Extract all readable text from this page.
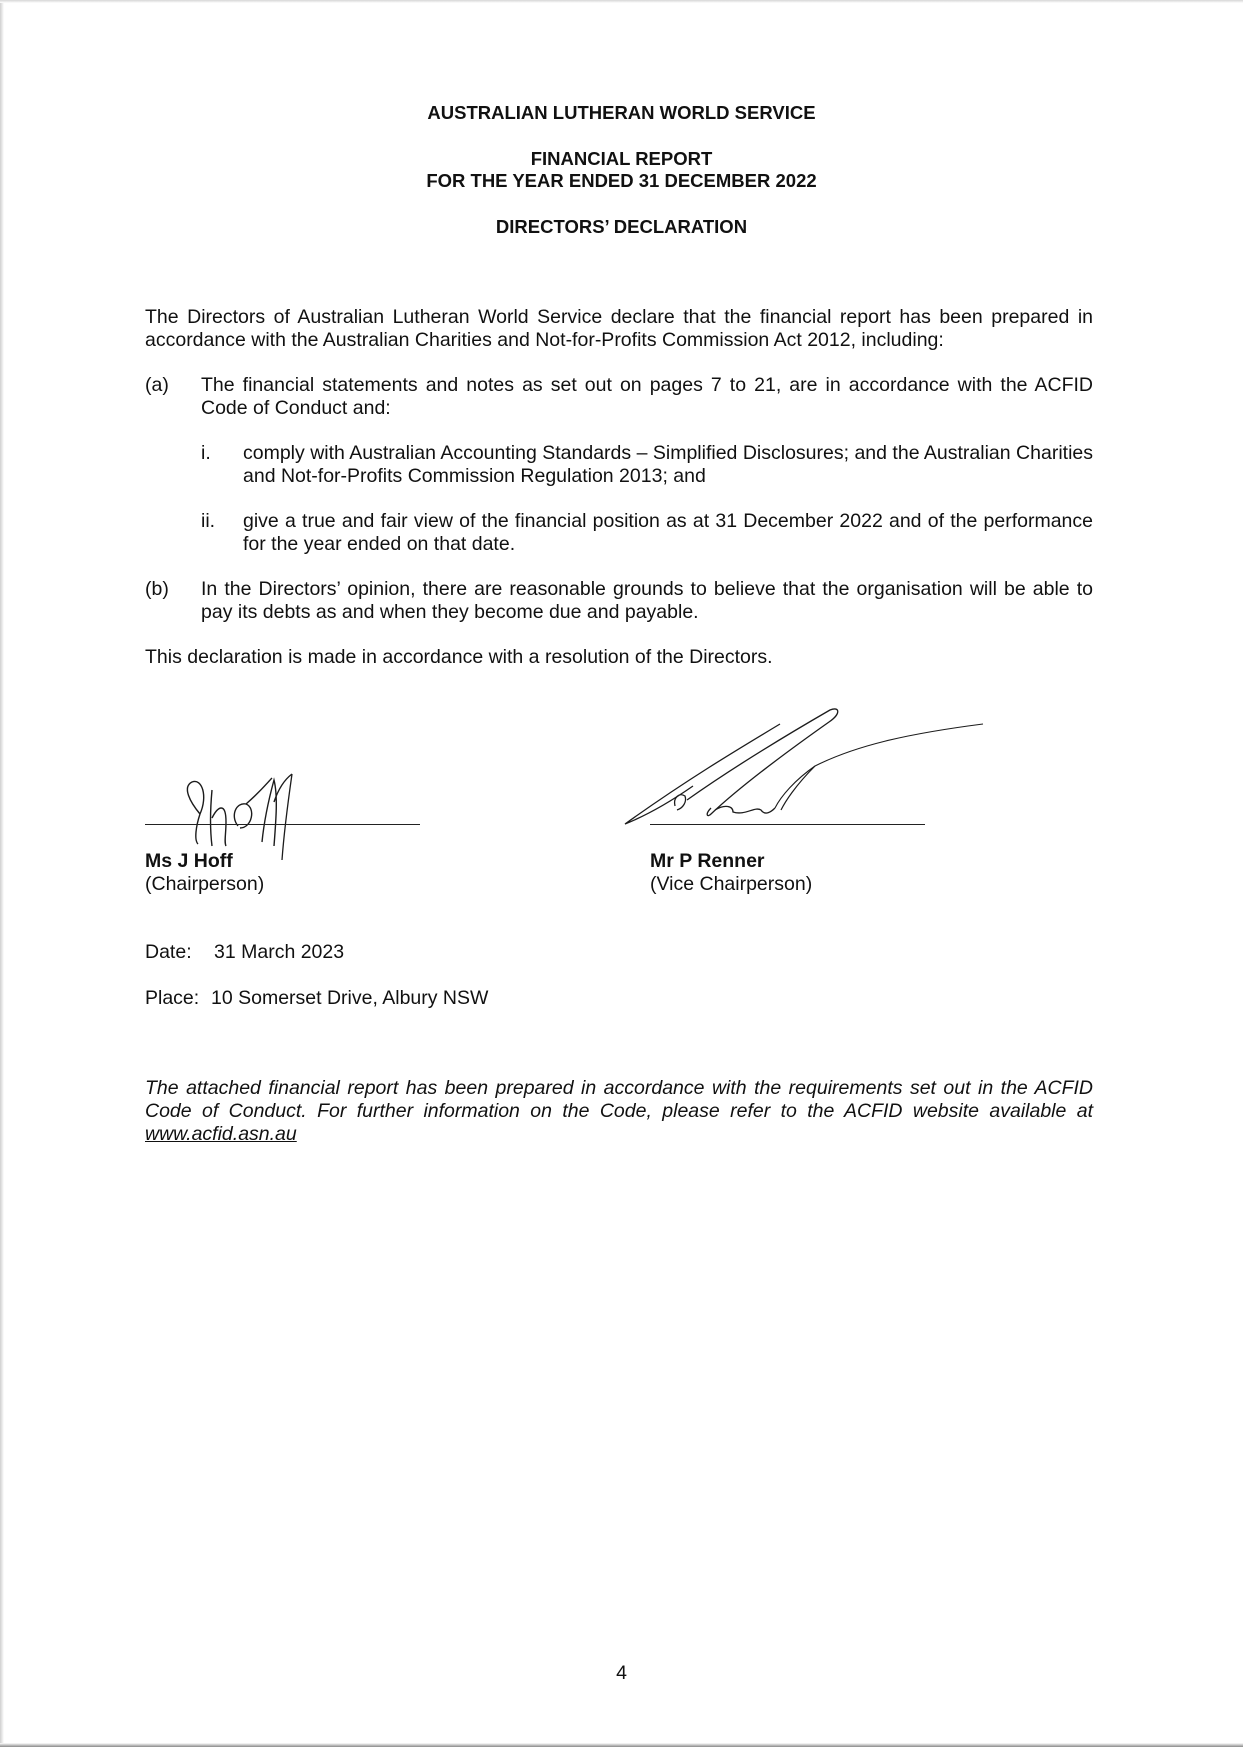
AUSTRALIAN LUTHERAN WORLD SERVICE

FINANCIAL REPORT

FOR THE YEAR ENDED 31 DECEMBER 2022

DIRECTORS’ DECLARATION

The Directors of Australian Lutheran World Service declare that the financial report has been prepared in accordance with the Australian Charities and Not-for-Profits Commission Act 2012, including:

(a) The financial statements and notes as set out on pages 7 to 21, are in accordance with the ACFID Code of Conduct and:

i. comply with Australian Accounting Standards – Simplified Disclosures; and the Australian Charities and Not-for-Profits Commission Regulation 2013; and

ii. give a true and fair view of the financial position as at 31 December 2022 and of the performance for the year ended on that date.

(b) In the Directors’ opinion, there are reasonable grounds to believe that the organisation will be able to pay its debts as and when they become due and payable.

This declaration is made in accordance with a resolution of the Directors.

Ms J Hoff

(Chairperson)

Mr P Renner

(Vice Chairperson)

Date: 31 March 2023

Place: 10 Somerset Drive, Albury NSW

The attached financial report has been prepared in accordance with the requirements set out in the ACFID Code of Conduct. For further information on the Code, please refer to the ACFID website available at www.acfid.asn.au

4
